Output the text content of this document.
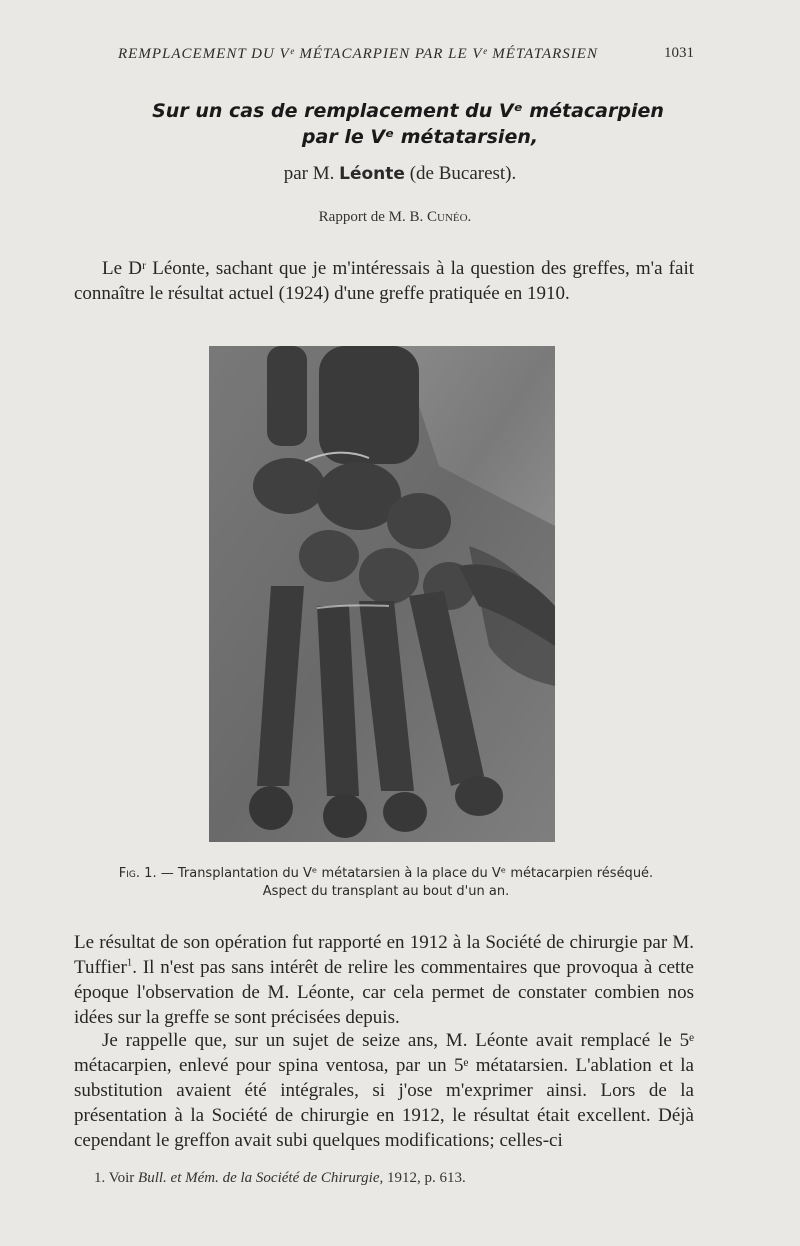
REMPLACEMENT DU Vᵉ MÉTACARPIEN PAR LE Vᵉ MÉTATARSIEN	1031
Sur un cas de remplacement du Vᵉ métacarpien
par le Vᵉ métatarsien,
par M. Léonte (de Bucarest).
Rapport de M. B. Cunéo.
Le Dʳ Léonte, sachant que je m'intéressais à la question des greffes, m'a fait connaître le résultat actuel (1924) d'une greffe pratiquée en 1910.
Fig. 1. — Transplantation du Vᵉ métatarsien à la place du Vᵉ métacarpien réséqué.
Aspect du transplant au bout d'un an.
Le résultat de son opération fut rapporté en 1912 à la Société de chirurgie par M. Tuffier$^1$. Il n'est pas sans intérêt de relire les commentaires que provoqua à cette époque l'observation de M. Léonte, car cela permet de constater combien nos idées sur la greffe se sont précisées depuis.
Je rappelle que, sur un sujet de seize ans, M. Léonte avait remplacé le 5ᵉ métacarpien, enlevé pour spina ventosa, par un 5ᵉ métatarsien. L'ablation et la substitution avaient été intégrales, si j'ose m'exprimer ainsi. Lors de la présentation à la Société de chirurgie en 1912, le résultat était excellent. Déjà cependant le greffon avait subi quelques modifications; celles-ci
1. Voir Bull. et Mém. de la Société de Chirurgie, 1912, p. 613.
